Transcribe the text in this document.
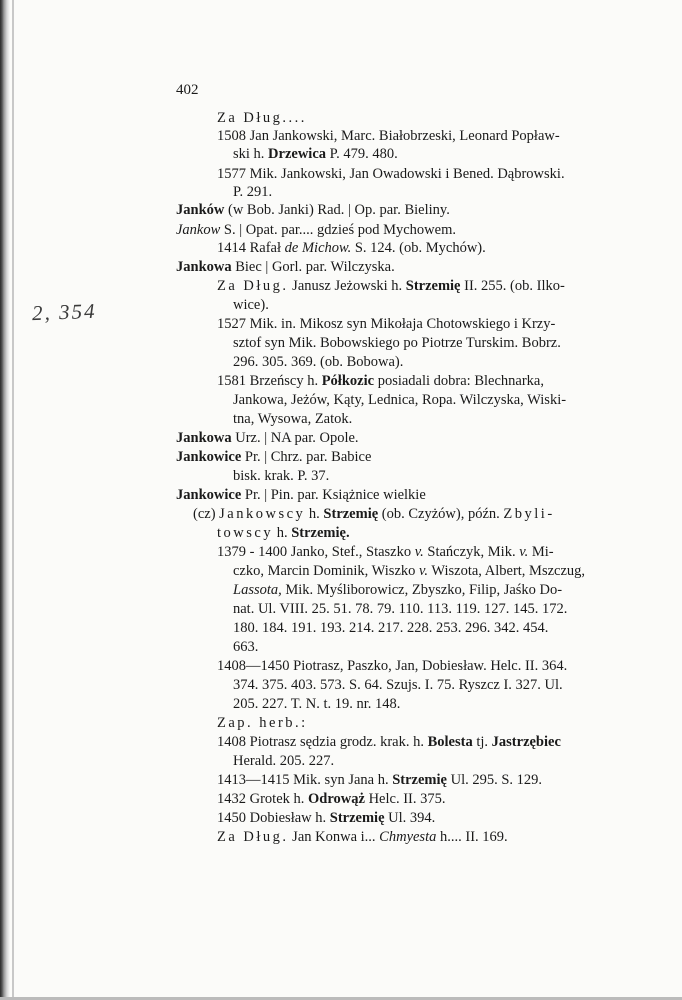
402
2, 354
Za Dług....
1508 Jan Jankowski, Marc. Białobrzeski, Leonard Popław-
ski h. Drzewica P. 479. 480.
1577 Mik. Jankowski, Jan Owadowski i Bened. Dąbrowski.
P. 291.
Janków (w Bob. Janki) Rad. | Op. par. Bieliny.
Jankow S. | Opat. par.... gdzieś pod Mychowem.
1414 Rafał de Michow. S. 124. (ob. Mychów).
Jankowa Biec | Gorl. par. Wilczyska.
Za Dług. Janusz Jeżowski h. Strzemię II. 255. (ob. Ilko-
wice).
1527 Mik. in. Mikosz syn Mikołaja Chotowskiego i Krzy-
sztof syn Mik. Bobowskiego po Piotrze Turskim. Bobrz.
296. 305. 369. (ob. Bobowa).
1581 Brzeńscy h. Półkozic posiadali dobra: Blechnarka,
Jankowa, Jeżów, Kąty, Lednica, Ropa. Wilczyska, Wiski-
tna, Wysowa, Zatok.
Jankowa Urz. | NA par. Opole.
Jankowice Pr. | Chrz. par. Babice
bisk. krak. P. 37.
Jankowice Pr. | Pin. par. Książnice wielkie
(cz) Jankowscy h. Strzemię (ob. Czyżów), późn. Zbyli-
towscy h. Strzemię.
1379 - 1400 Janko, Stef., Staszko v. Stańczyk, Mik. v. Mi-
czko, Marcin Dominik, Wiszko v. Wiszota, Albert, Mszczug,
Lassota, Mik. Myśliborowicz, Zbyszko, Filip, Jaśko Do-
nat. Ul. VIII. 25. 51. 78. 79. 110. 113. 119. 127. 145. 172.
180. 184. 191. 193. 214. 217. 228. 253. 296. 342. 454.
663.
1408—1450 Piotrasz, Paszko, Jan, Dobiesław. Helc. II. 364.
374. 375. 403. 573. S. 64. Szujs. I. 75. Ryszcz I. 327. Ul.
205. 227. T. N. t. 19. nr. 148.
Zap. herb.:
1408 Piotrasz sędzia grodz. krak. h. Bolesta tj. Jastrzębiec
Herald. 205. 227.
1413—1415 Mik. syn Jana h. Strzemię Ul. 295. S. 129.
1432 Grotek h. Odrowąż Helc. II. 375.
1450 Dobiesław h. Strzemię Ul. 394.
Za Dług. Jan Konwa i... Chmyesta h.... II. 169.
